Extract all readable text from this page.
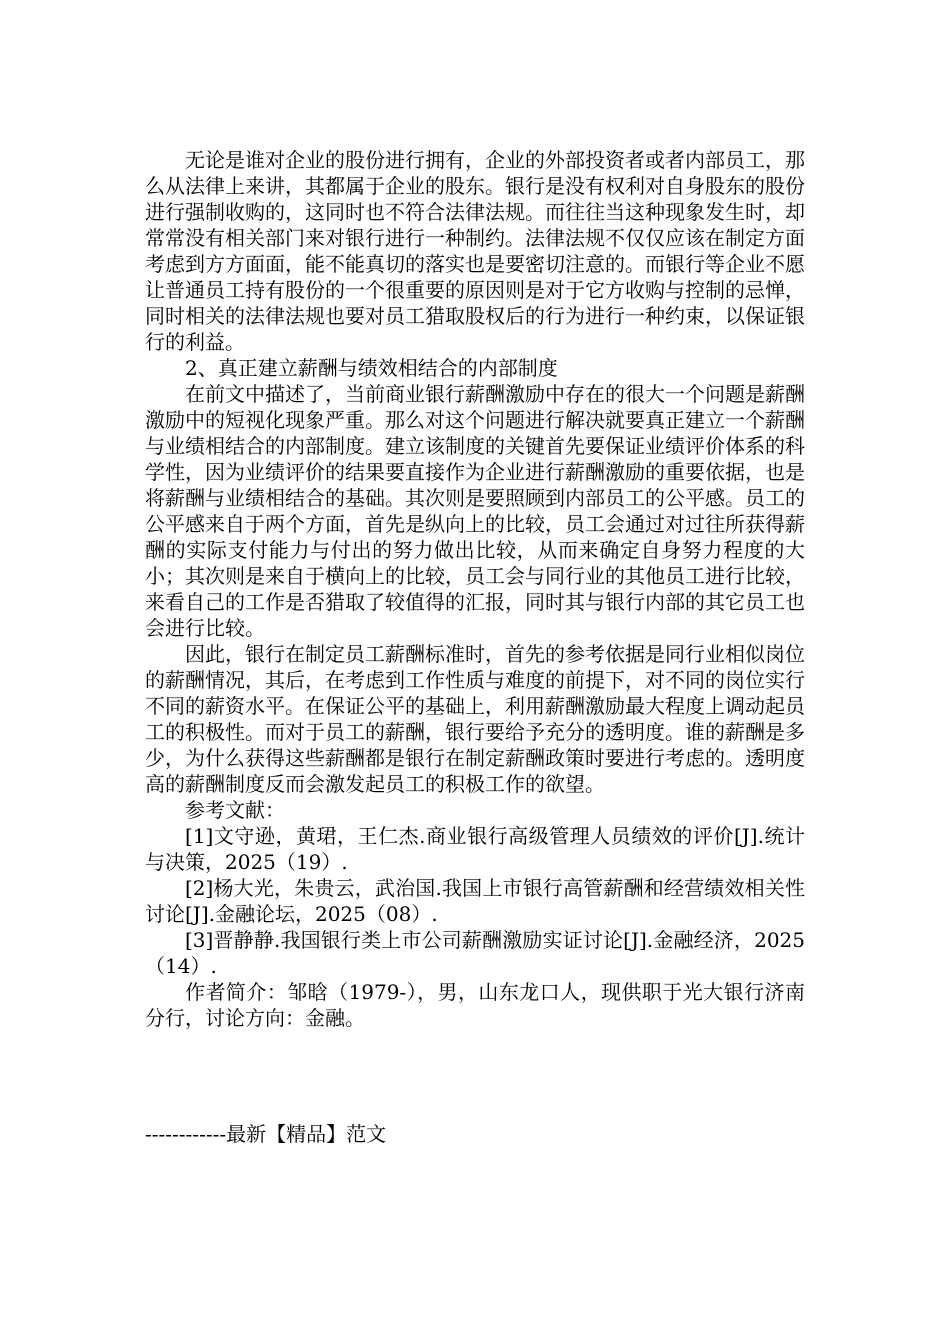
无论是谁对企业的股份进行拥有，企业的外部投资者或者内部员工，那么从法律上来讲，其都属于企业的股东。银行是没有权利对自身股东的股份进行强制收购的，这同时也不符合法律法规。而往往当这种现象发生时，却常常没有相关部门来对银行进行一种制约。法律法规不仅仅应该在制定方面考虑到方方面面，能不能真切的落实也是要密切注意的。而银行等企业不愿让普通员工持有股份的一个很重要的原因则是对于它方收购与控制的忌惮，同时相关的法律法规也要对员工猎取股权后的行为进行一种约束，以保证银行的利益。

2、真正建立薪酬与绩效相结合的内部制度

在前文中描述了，当前商业银行薪酬激励中存在的很大一个问题是薪酬激励中的短视化现象严重。那么对这个问题进行解决就要真正建立一个薪酬与业绩相结合的内部制度。建立该制度的关键首先要保证业绩评价体系的科学性，因为业绩评价的结果要直接作为企业进行薪酬激励的重要依据，也是将薪酬与业绩相结合的基础。其次则是要照顾到内部员工的公平感。员工的公平感来自于两个方面，首先是纵向上的比较，员工会通过对过往所获得薪酬的实际支付能力与付出的努力做出比较，从而来确定自身努力程度的大小；其次则是来自于横向上的比较，员工会与同行业的其他员工进行比较，来看自己的工作是否猎取了较值得的汇报，同时其与银行内部的其它员工也会进行比较。

因此，银行在制定员工薪酬标准时，首先的参考依据是同行业相似岗位的薪酬情况，其后，在考虑到工作性质与难度的前提下，对不同的岗位实行不同的薪资水平。在保证公平的基础上，利用薪酬激励最大程度上调动起员工的积极性。而对于员工的薪酬，银行要给予充分的透明度。谁的薪酬是多少，为什么获得这些薪酬都是银行在制定薪酬政策时要进行考虑的。透明度高的薪酬制度反而会激发起员工的积极工作的欲望。

参考文献：

[1]文守逊，黄珺，王仁杰.商业银行高级管理人员绩效的评价[J].统计与决策，2025（19）.

[2]杨大光，朱贵云，武治国.我国上市银行高管薪酬和经营绩效相关性讨论[J].金融论坛，2025（08）.

[3]晋静静.我国银行类上市公司薪酬激励实证讨论[J].金融经济，2025（14）.

作者简介：邹晗（1979-），男，山东龙口人，现供职于光大银行济南分行，讨论方向：金融。

------------最新【精品】范文
